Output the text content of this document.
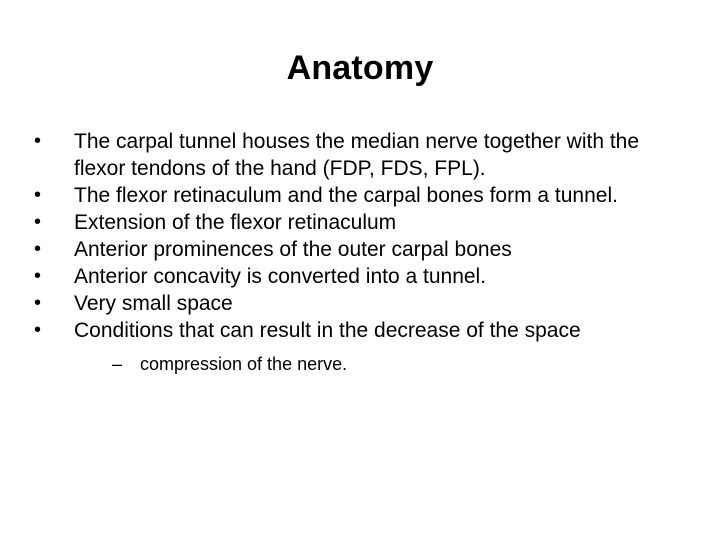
Anatomy
•	The carpal tunnel houses the median nerve together with the flexor tendons of the hand (FDP, FDS, FPL).
•	The flexor retinaculum and the carpal bones form a tunnel.
•	Extension of the flexor retinaculum
•	Anterior prominences of the outer carpal bones
•	Anterior concavity is converted into a tunnel.
•	Very small space
•	Conditions that can result in the decrease of the space
– compression of the nerve.
